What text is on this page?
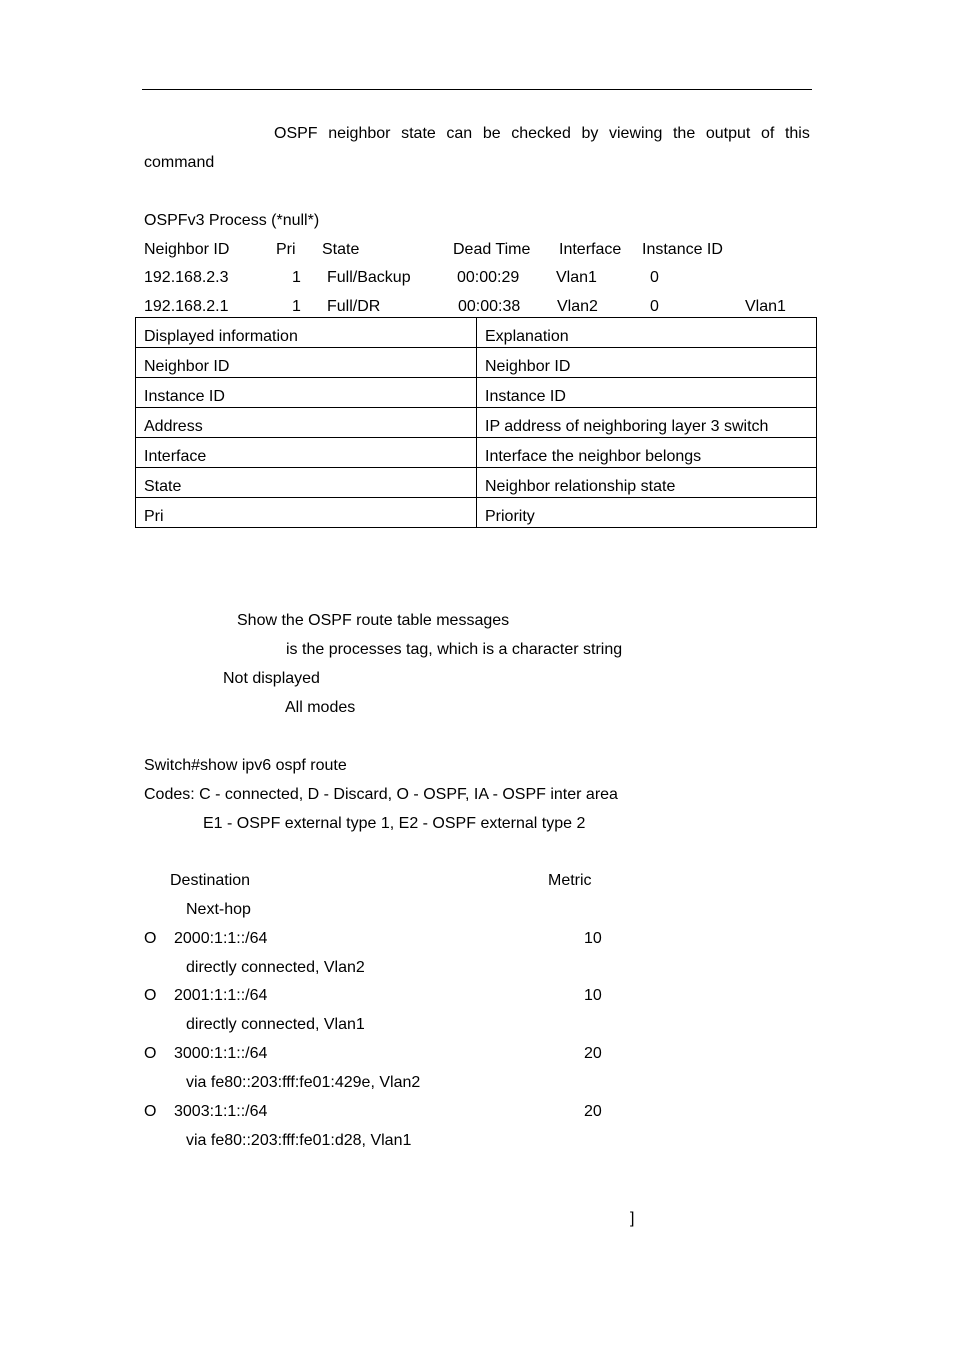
OSPF neighbor state can be checked by viewing the output of this
command
OSPFv3 Process (*null*)
Neighbor ID	Pri State	Dead Time Interface Instance ID
192.168.2.3	1 Full/Backup	00:00:29 Vlan1	0
192.168.2.1	1 Full/DR	00:00:38 Vlan2	0	Vlan1
Displayed information	Explanation
Neighbor ID	Neighbor ID
Instance ID	Instance ID
Address	IP address of neighboring layer 3 switch
Interface	Interface the neighbor belongs
State	Neighbor relationship state
Pri	Priority
Show the OSPF route table messages
is the processes tag, which is a character string
Not displayed
All modes
Switch#show ipv6 ospf route
Codes: C - connected, D - Discard, O - OSPF, IA - OSPF inter area
E1 - OSPF external type 1, E2 - OSPF external type 2
Destination	Metric
Next-hop
O 2000:1:1::/64	10
directly connected, Vlan2
O 2001:1:1::/64	10
directly connected, Vlan1
O 3000:1:1::/64	20
via fe80::203:fff:fe01:429e, Vlan2
O 3003:1:1::/64	20
via fe80::203:fff:fe01:d28, Vlan1
]
